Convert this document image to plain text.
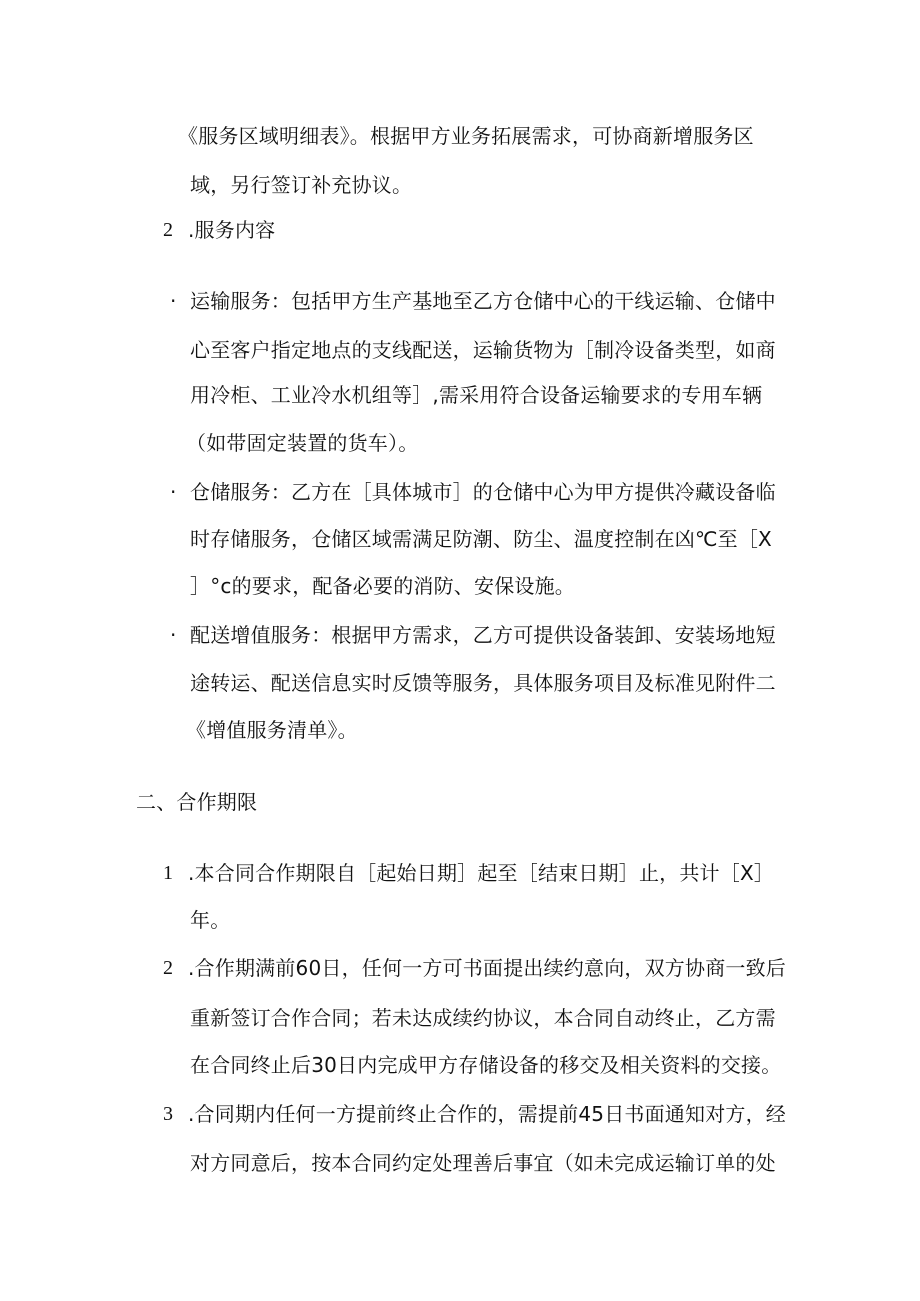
《服务区域明细表》。根据甲方业务拓展需求，可协商新增服务区
域，另行签订补充协议。
2 .服务内容
· 运输服务：包括甲方生产基地至乙方仓储中心的干线运输、仓储中
心至客户指定地点的支线配送，运输货物为［制冷设备类型，如商
用冷柜、工业冷水机组等］,需采用符合设备运输要求的专用车辆
（如带固定装置的货车）。
· 仓储服务：乙方在［具体城市］的仓储中心为甲方提供冷藏设备临
时存储服务，仓储区域需满足防潮、防尘、温度控制在凶℃至［X
］°c的要求，配备必要的消防、安保设施。
· 配送增值服务：根据甲方需求，乙方可提供设备装卸、安装场地短
途转运、配送信息实时反馈等服务，具体服务项目及标准见附件二
《增值服务清单》。
二、合作期限
1 .本合同合作期限自［起始日期］起至［结束日期］止，共计［X］
年。
2 .合作期满前60日，任何一方可书面提出续约意向，双方协商一致后
重新签订合作合同；若未达成续约协议，本合同自动终止，乙方需
在合同终止后30日内完成甲方存储设备的移交及相关资料的交接。
3 .合同期内任何一方提前终止合作的，需提前45日书面通知对方，经
对方同意后，按本合同约定处理善后事宜（如未完成运输订单的处
